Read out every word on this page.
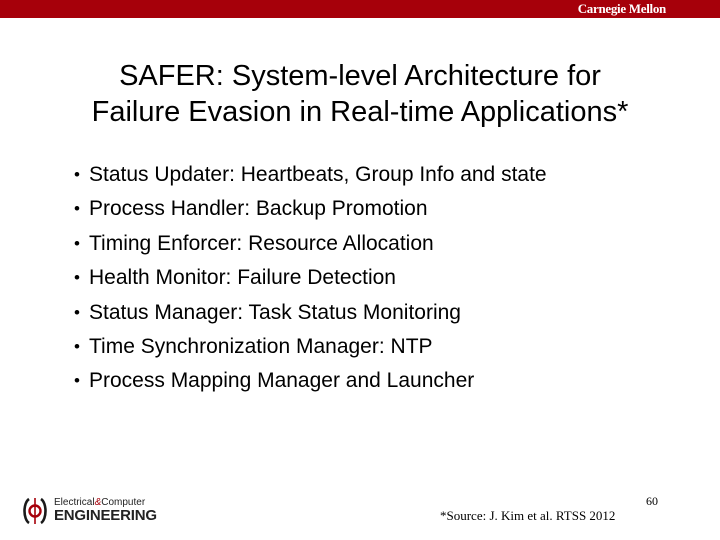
Carnegie Mellon
SAFER: System-level Architecture for
Failure Evasion in Real-time Applications*
• Status Updater: Heartbeats, Group Info and state
• Process Handler: Backup Promotion
• Timing Enforcer: Resource Allocation
• Health Monitor: Failure Detection
• Status Manager: Task Status Monitoring
• Time Synchronization Manager: NTP
• Process Mapping Manager and Launcher
Electrical&Computer
ENGINEERING	*Source: J. Kim et al. RTSS 2012
60
